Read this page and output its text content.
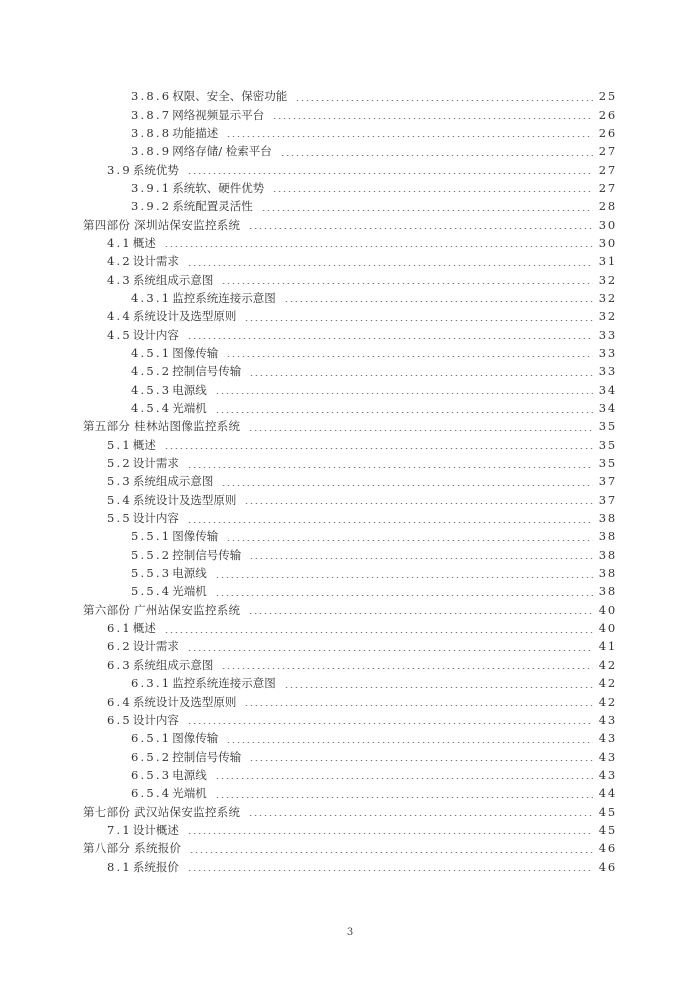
3.8.6权限、安全、保密功能	25
3.8.7网络视频显示平台	26
3.8.8功能描述	26
3.8.9网络存储/ 检索平台	27
3.9系统优势	27
3.9.1系统软、硬件优势	27
3.9.2系统配置灵活性	28
第四部份 深圳站保安监控系统	30
4.1概述	30
4.2设计需求	31
4.3系统组成示意图	32
4.3.1监控系统连接示意图	32
4.4系统设计及选型原则	32
4.5设计内容	33
4.5.1图像传输	33
4.5.2控制信号传输	33
4.5.3电源线	34
4.5.4光端机	34
第五部分 桂林站图像监控系统	35
5.1概述	35
5.2设计需求	35
5.3系统组成示意图	37
5.4系统设计及选型原则	37
5.5设计内容	38
5.5.1图像传输	38
5.5.2控制信号传输	38
5.5.3电源线	38
5.5.4光端机	38
第六部份 广州站保安监控系统	40
6.1概述	40
6.2设计需求	41
6.3系统组成示意图	42
6.3.1监控系统连接示意图	42
6.4系统设计及选型原则	42
6.5设计内容	43
6.5.1图像传输	43
6.5.2控制信号传输	43
6.5.3电源线	43
6.5.4光端机	44
第七部份 武汉站保安监控系统	45
7.1设计概述	45
第八部分 系统报价	46
8.1系统报价	46
3
